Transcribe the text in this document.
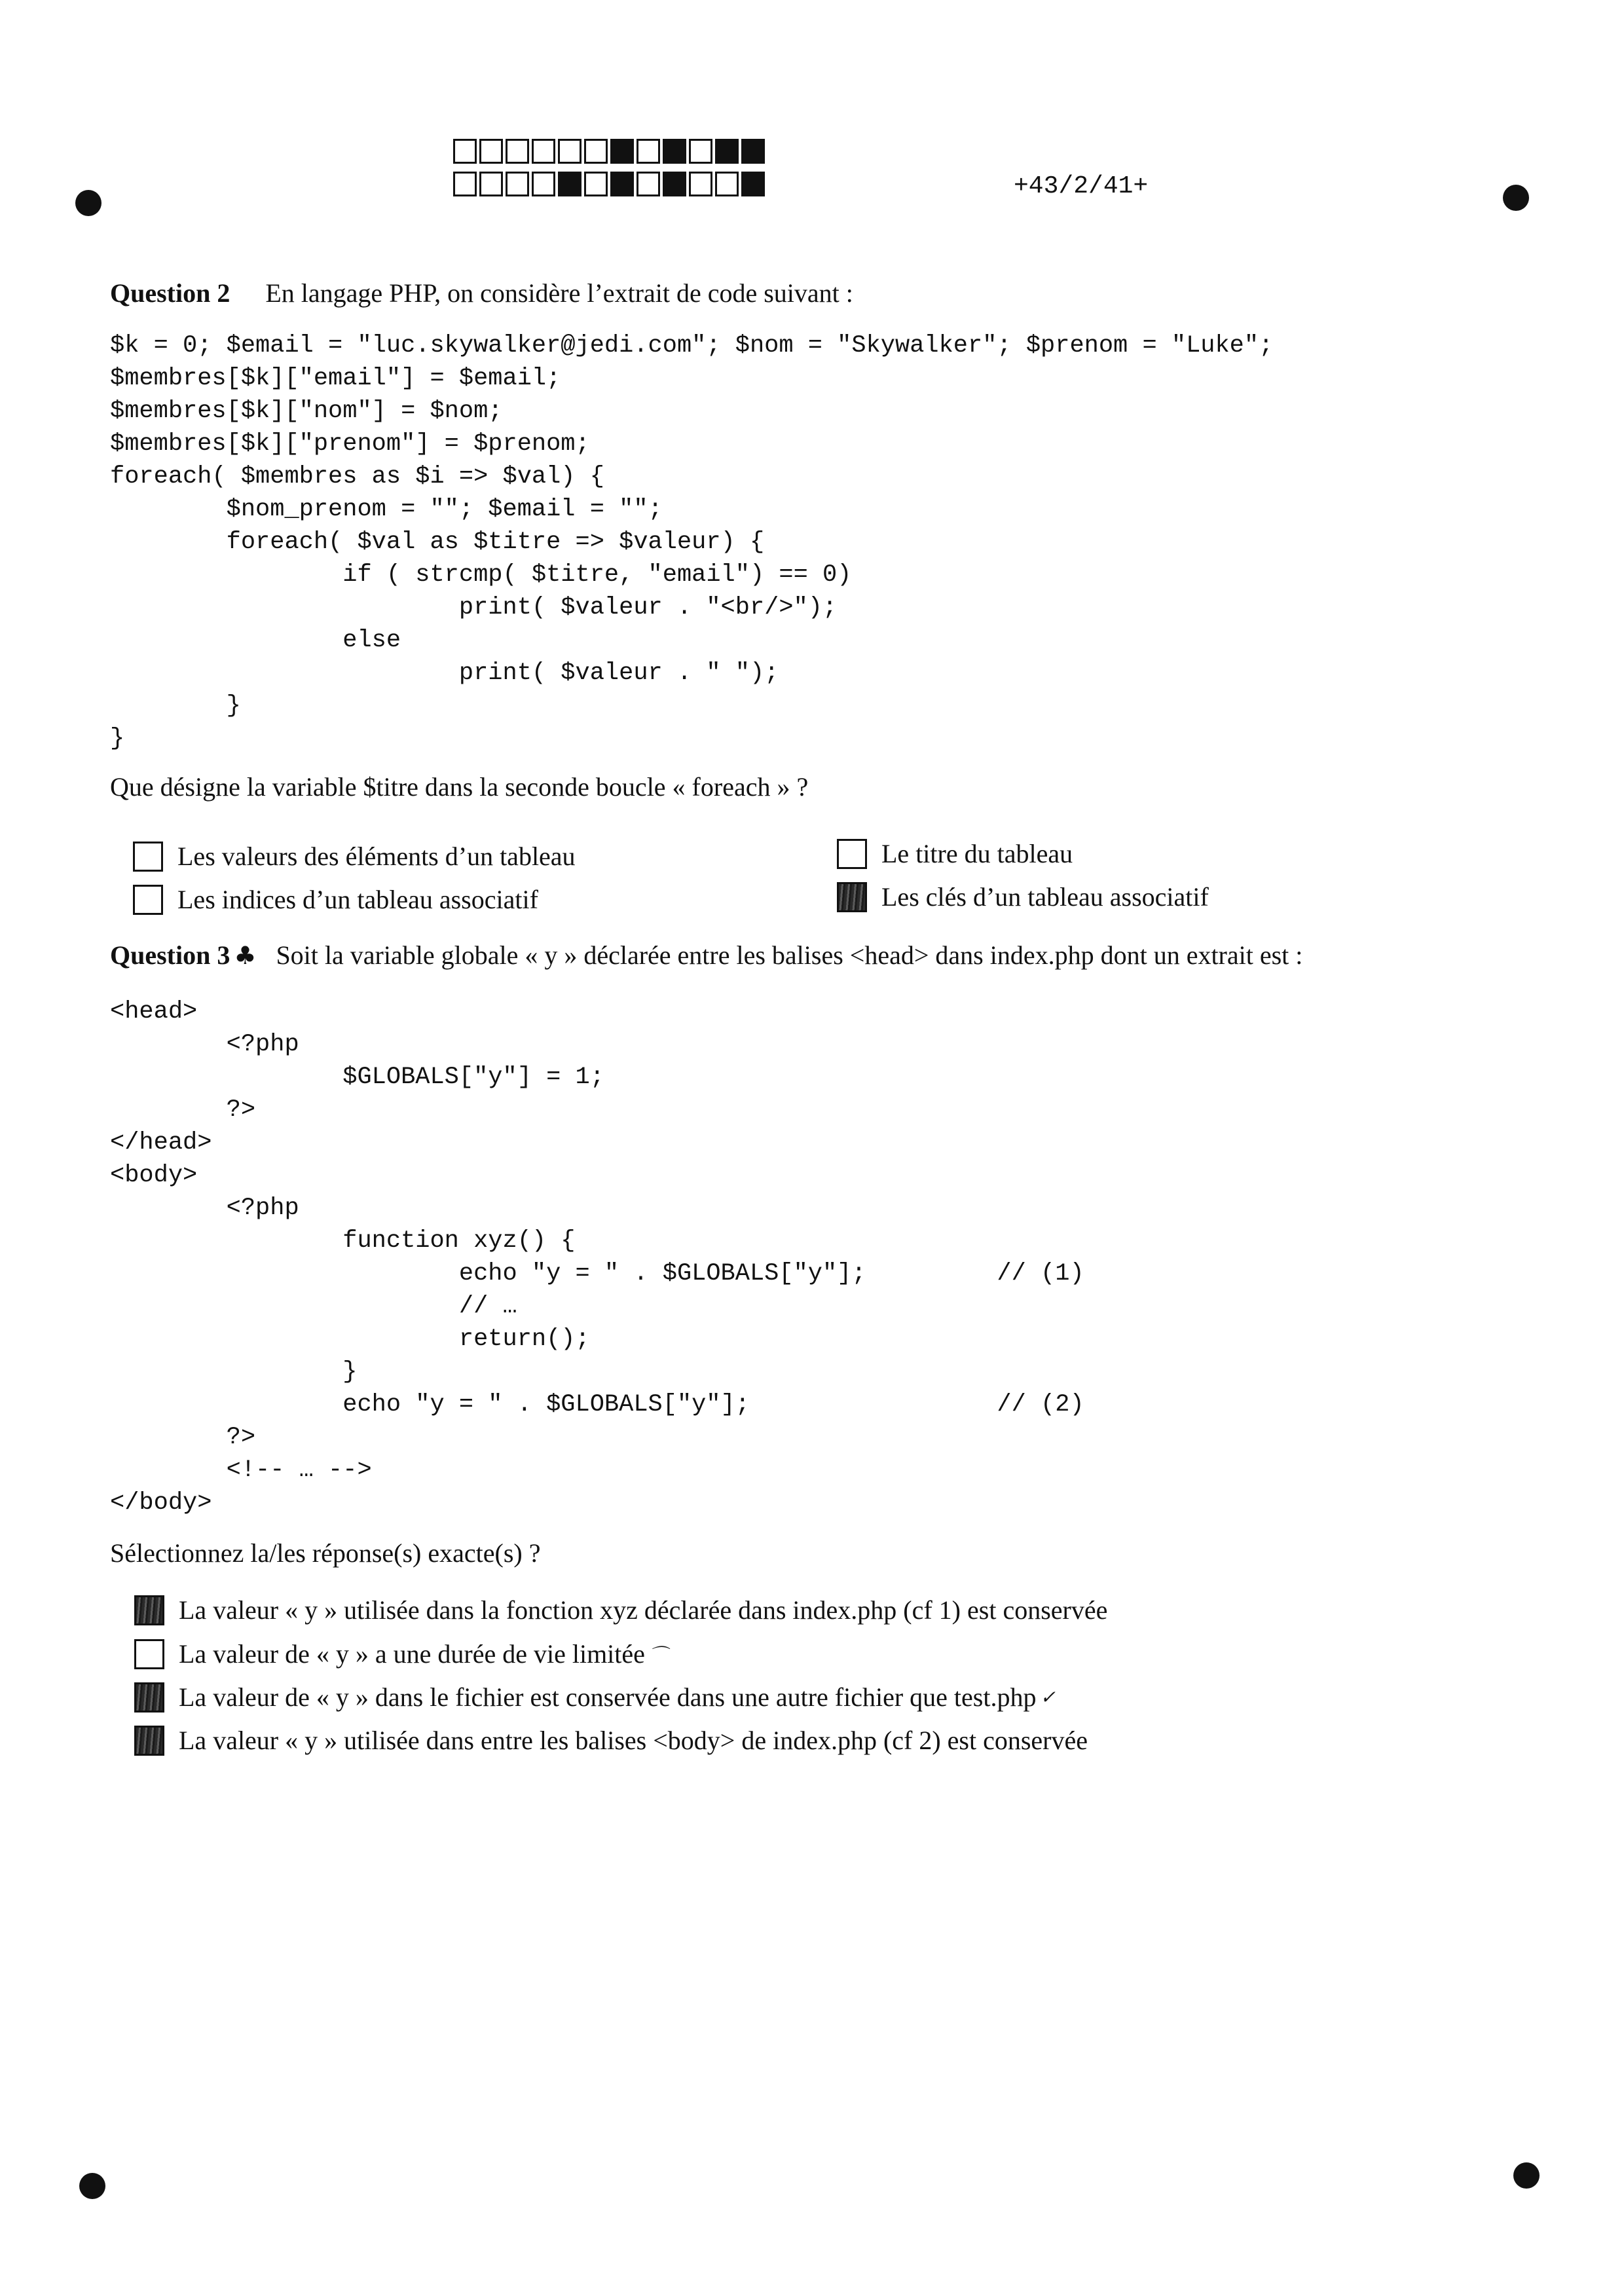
+43/2/41+
Question 2 En langage PHP, on considère l’extrait de code suivant :
$k = 0; $email = "luc.skywalker@jedi.com"; $nom = "Skywalker"; $prenom = "Luke";
$membres[$k]["email"] = $email;
$membres[$k]["nom"] = $nom;
$membres[$k]["prenom"] = $prenom;
foreach( $membres as $i => $val) {
$nom_prenom = ""; $email = "";
foreach( $val as $titre => $valeur) {
if ( strcmp( $titre, "email") == 0)
print( $valeur . "<br/>");
else
print( $valeur . " ");
}
}
Que désigne la variable $titre dans la seconde boucle « foreach » ?
Les valeurs des éléments d’un tableau
Les indices d’un tableau associatif
Le titre du tableau
Les clés d’un tableau associatif
Question 3 ♣ Soit la variable globale « y » déclarée entre les balises <head> dans index.php dont un extrait est :
<head>
<?php
$GLOBALS["y"] = 1;
?>
</head>
<body>
<?php
function xyz() {
echo "y = " . $GLOBALS["y"];         // (1)
// …
return();
}
echo "y = " . $GLOBALS["y"];                 // (2)
?>
<!-- … -->
</body>
Sélectionnez la/les réponse(s) exacte(s) ?
La valeur « y » utilisée dans la fonction xyz déclarée dans index.php (cf 1) est conservée
La valeur de « y » a une durée de vie limitée ⌒
La valeur de « y » dans le fichier est conservée dans une autre fichier que test.php ✓
La valeur « y » utilisée dans entre les balises <body> de index.php (cf 2) est conservée
